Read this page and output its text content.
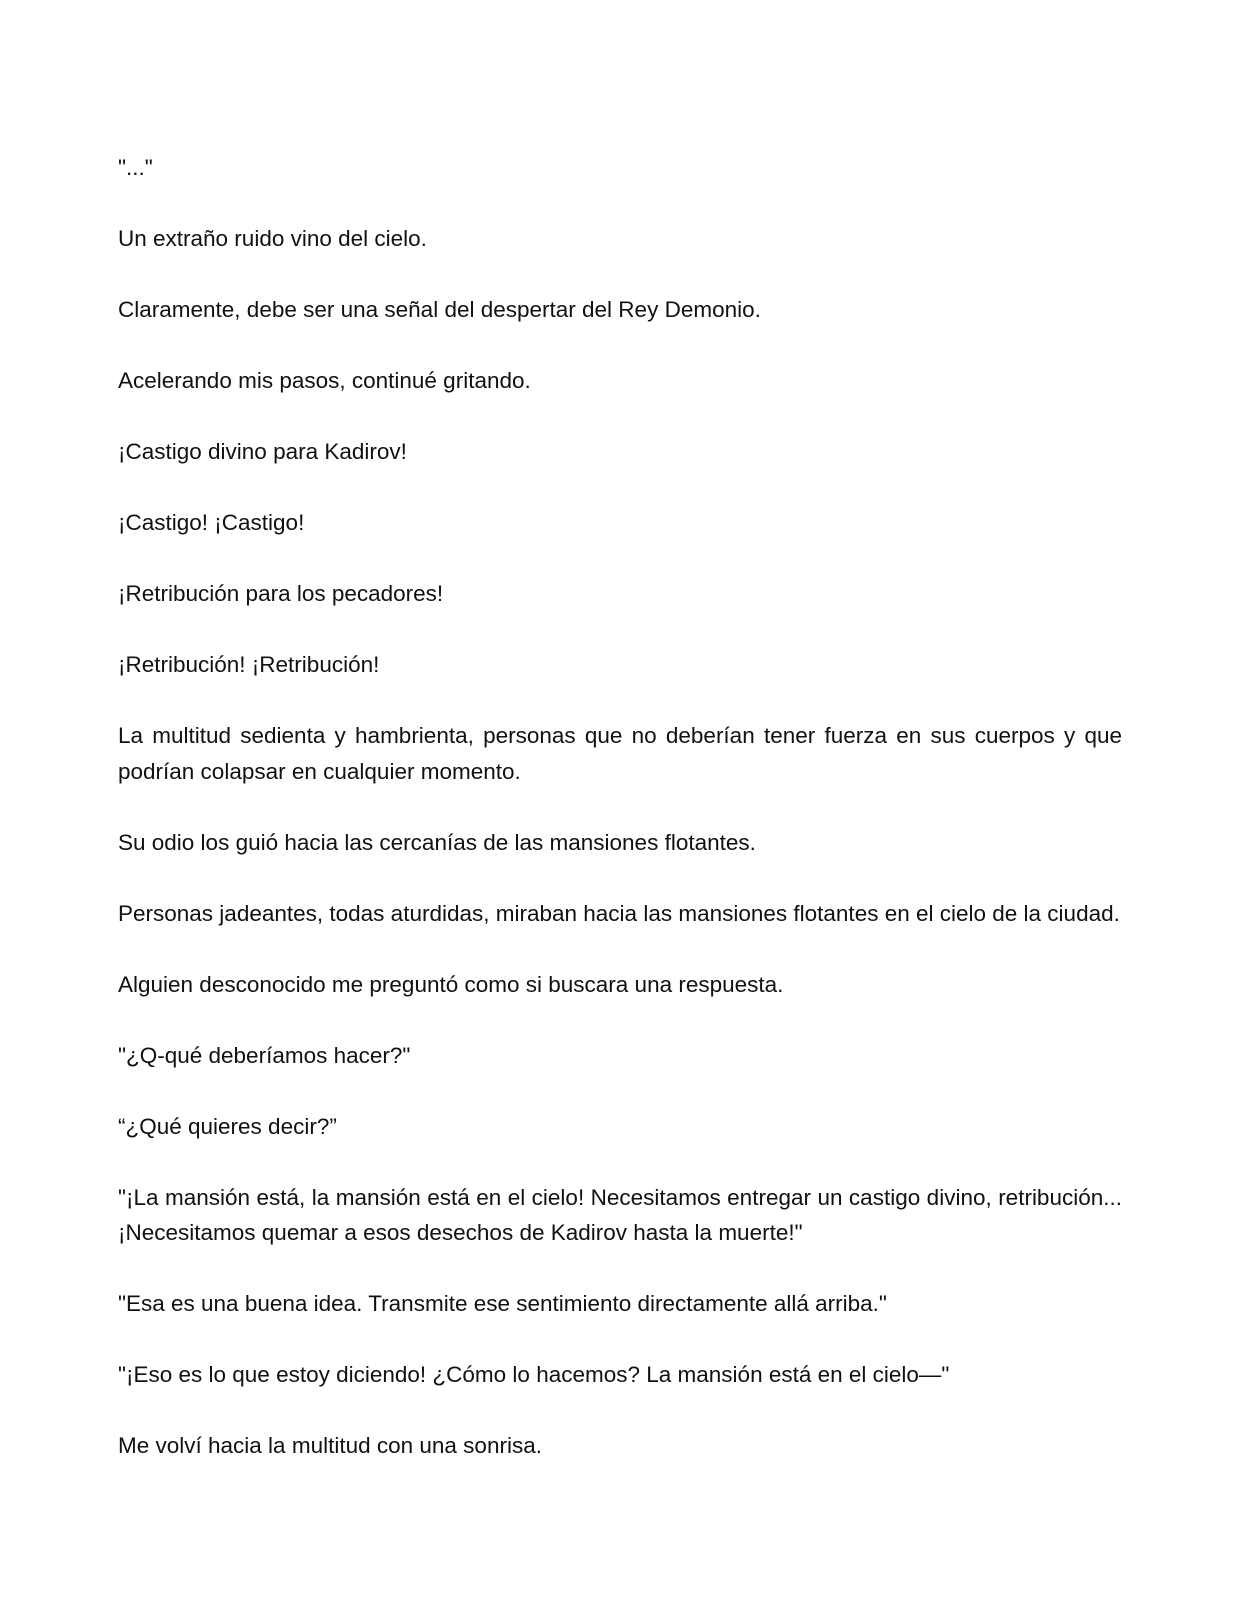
"..."

Un extraño ruido vino del cielo.

Claramente, debe ser una señal del despertar del Rey Demonio.

Acelerando mis pasos, continué gritando.

¡Castigo divino para Kadirov!

¡Castigo! ¡Castigo!

¡Retribución para los pecadores!

¡Retribución! ¡Retribución!

La multitud sedienta y hambrienta, personas que no deberían tener fuerza en sus cuerpos y que podrían colapsar en cualquier momento.

Su odio los guió hacia las cercanías de las mansiones flotantes.

Personas jadeantes, todas aturdidas, miraban hacia las mansiones flotantes en el cielo de la ciudad.

Alguien desconocido me preguntó como si buscara una respuesta.

"¿Q-qué deberíamos hacer?"

“¿Qué quieres decir?”

"¡La mansión está, la mansión está en el cielo! Necesitamos entregar un castigo divino, retribución... ¡Necesitamos quemar a esos desechos de Kadirov hasta la muerte!"

"Esa es una buena idea. Transmite ese sentimiento directamente allá arriba."

"¡Eso es lo que estoy diciendo! ¿Cómo lo hacemos? La mansión está en el cielo—"

Me volví hacia la multitud con una sonrisa.
